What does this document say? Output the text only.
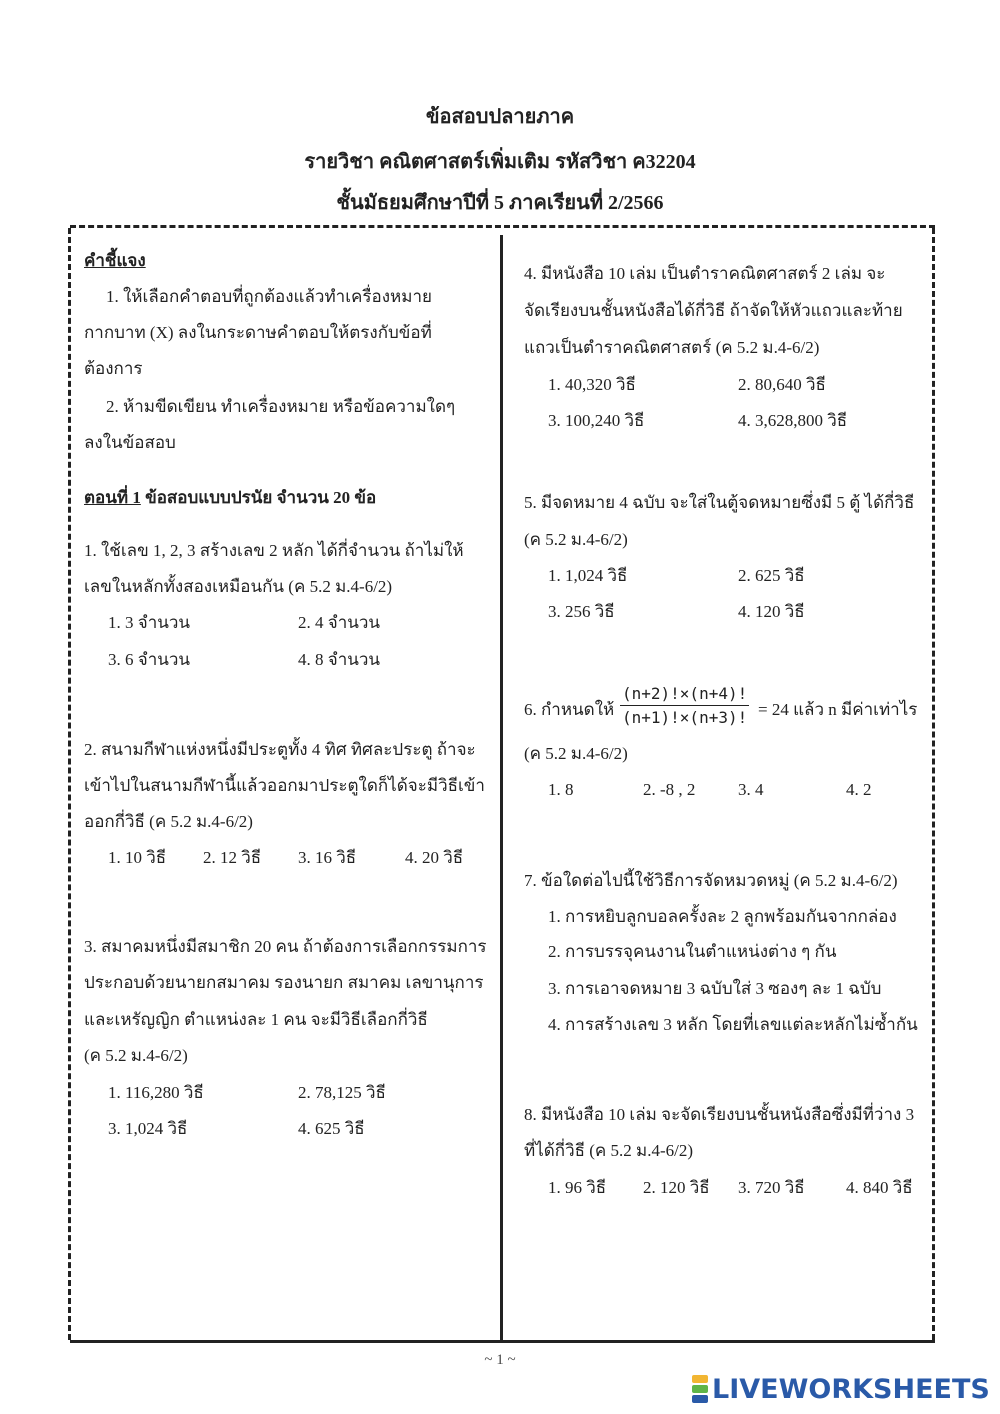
ข้อสอบปลายภาค
รายวิชา คณิตศาสตร์เพิ่มเติม รหัสวิชา ค32204
ชั้นมัธยมศึกษาปีที่ 5 ภาคเรียนที่ 2/2566
คำชี้แจง
1. ให้เลือกคำตอบที่ถูกต้องแล้วทำเครื่องหมาย
กากบาท (X) ลงในกระดาษคำตอบให้ตรงกับข้อที่
ต้องการ
2. ห้ามขีดเขียน ทำเครื่องหมาย หรือข้อความใดๆ
ลงในข้อสอบ
ตอนที่ 1 ข้อสอบแบบปรนัย จำนวน 20 ข้อ
1. ใช้เลข 1, 2, 3 สร้างเลข 2 หลัก ได้กี่จำนวน ถ้าไม่ให้
เลขในหลักทั้งสองเหมือนกัน (ค 5.2 ม.4-6/2)
1. 3 จำนวน	2. 4 จำนวน
3. 6 จำนวน	4. 8 จำนวน
2. สนามกีฬาแห่งหนึ่งมีประตูทั้ง 4 ทิศ ทิศละประตู ถ้าจะ
เข้าไปในสนามกีฬานี้แล้วออกมาประตูใดก็ได้จะมีวิธีเข้า
ออกกี่วิธี (ค 5.2 ม.4-6/2)
1. 10 วิธี 2. 12 วิธี 3. 16 วิธี	4. 20 วิธี
3. สมาคมหนึ่งมีสมาชิก 20 คน ถ้าต้องการเลือกกรรมการ
ประกอบด้วยนายกสมาคม รองนายก สมาคม เลขานุการ
และเหรัญญิก ตำแหน่งละ 1 คน จะมีวิธีเลือกกี่วิธี
(ค 5.2 ม.4-6/2)
1. 116,280 วิธี	2. 78,125 วิธี
3. 1,024 วิธี	4. 625 วิธี
4. มีหนังสือ 10 เล่ม เป็นตำราคณิตศาสตร์ 2 เล่ม จะ
จัดเรียงบนชั้นหนังสือได้กี่วิธี ถ้าจัดให้หัวแถวและท้าย
แถวเป็นตำราคณิตศาสตร์ (ค 5.2 ม.4-6/2)
1. 40,320 วิธี	2. 80,640 วิธี
3. 100,240 วิธี	4. 3,628,800 วิธี
5. มีจดหมาย 4 ฉบับ จะใส่ในตู้จดหมายซึ่งมี 5 ตู้ ได้กี่วิธี
(ค 5.2 ม.4-6/2)
1. 1,024 วิธี	2. 625 วิธี
3. 256 วิธี	4. 120 วิธี
6. กำหนดให้ $\frac{(n+2)!\times(n+4)!}{(n+1)!\times(n+3)!} = 24$ แล้ว n มีค่าเท่าไร
(ค 5.2 ม.4-6/2)
1. 8	2. -8 , 2	3. 4	4. 2
7. ข้อใดต่อไปนี้ใช้วิธีการจัดหมวดหมู่ (ค 5.2 ม.4-6/2)
1. การหยิบลูกบอลครั้งละ 2 ลูกพร้อมกันจากกล่อง
2. การบรรจุคนงานในตำแหน่งต่าง ๆ กัน
3. การเอาจดหมาย 3 ฉบับใส่ 3 ซองๆ ละ 1 ฉบับ
4. การสร้างเลข 3 หลัก โดยที่เลขแต่ละหลักไม่ซ้ำกัน
8. มีหนังสือ 10 เล่ม จะจัดเรียงบนชั้นหนังสือซึ่งมีที่ว่าง 3
ที่ได้กี่วิธี (ค 5.2 ม.4-6/2)
1. 96 วิธี 2. 120 วิธี 3. 720 วิธี 4. 840 วิธี
~ 1 ~
LIVEWORKSHEETS
